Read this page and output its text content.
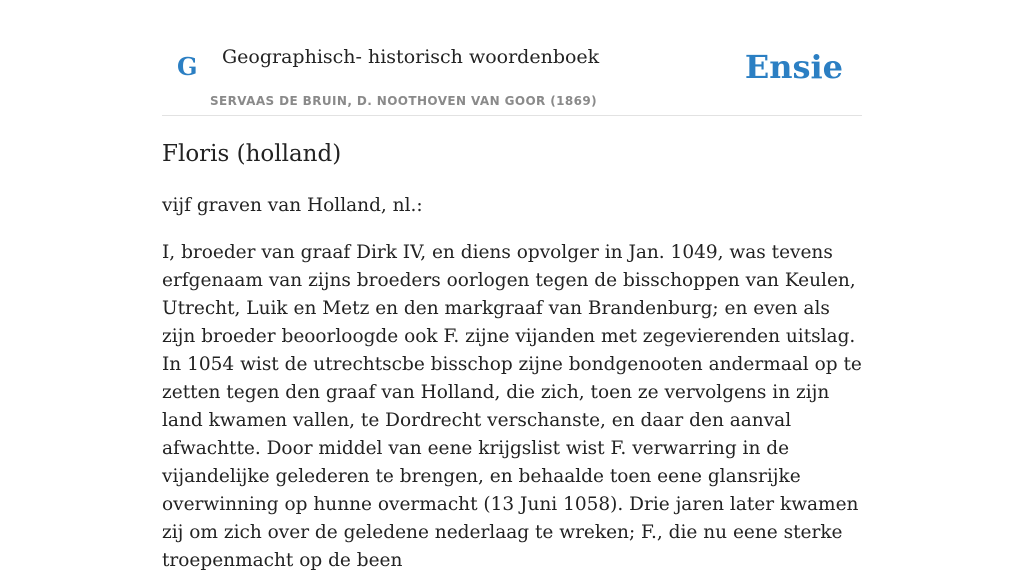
G Geographisch- historisch woordenboek
SERVAAS DE BRUIN, D. NOOTHOVEN VAN GOOR (1869)
Ensie
Floris (holland)

vijf graven van Holland, nl.:

I, broeder van graaf Dirk IV, en diens opvolger in Jan. 1049, was tevens erfgenaam van zijns broeders oorlogen tegen de bisschoppen van Keulen, Utrecht, Luik en Metz en den markgraaf van Brandenburg; en even als zijn broeder beoorloogde ook F. zijne vijanden met zegevierenden uitslag. In 1054 wist de utrechtscbe bisschop zijne bondgenooten andermaal op te zetten tegen den graaf van Holland, die zich, toen ze vervolgens in zijn land kwamen vallen, te Dordrecht verschanste, en daar den aanval afwachtte. Door middel van eene krijgslist wist F. verwarring in de vijandelijke gelederen te brengen, en behaalde toen eene glansrijke overwinning op hunne overmacht (13 Juni 1058). Drie jaren later kwamen zij om zich over de geledene nederlaag te wreken; F., die nu eene sterke troepenmacht op de been
